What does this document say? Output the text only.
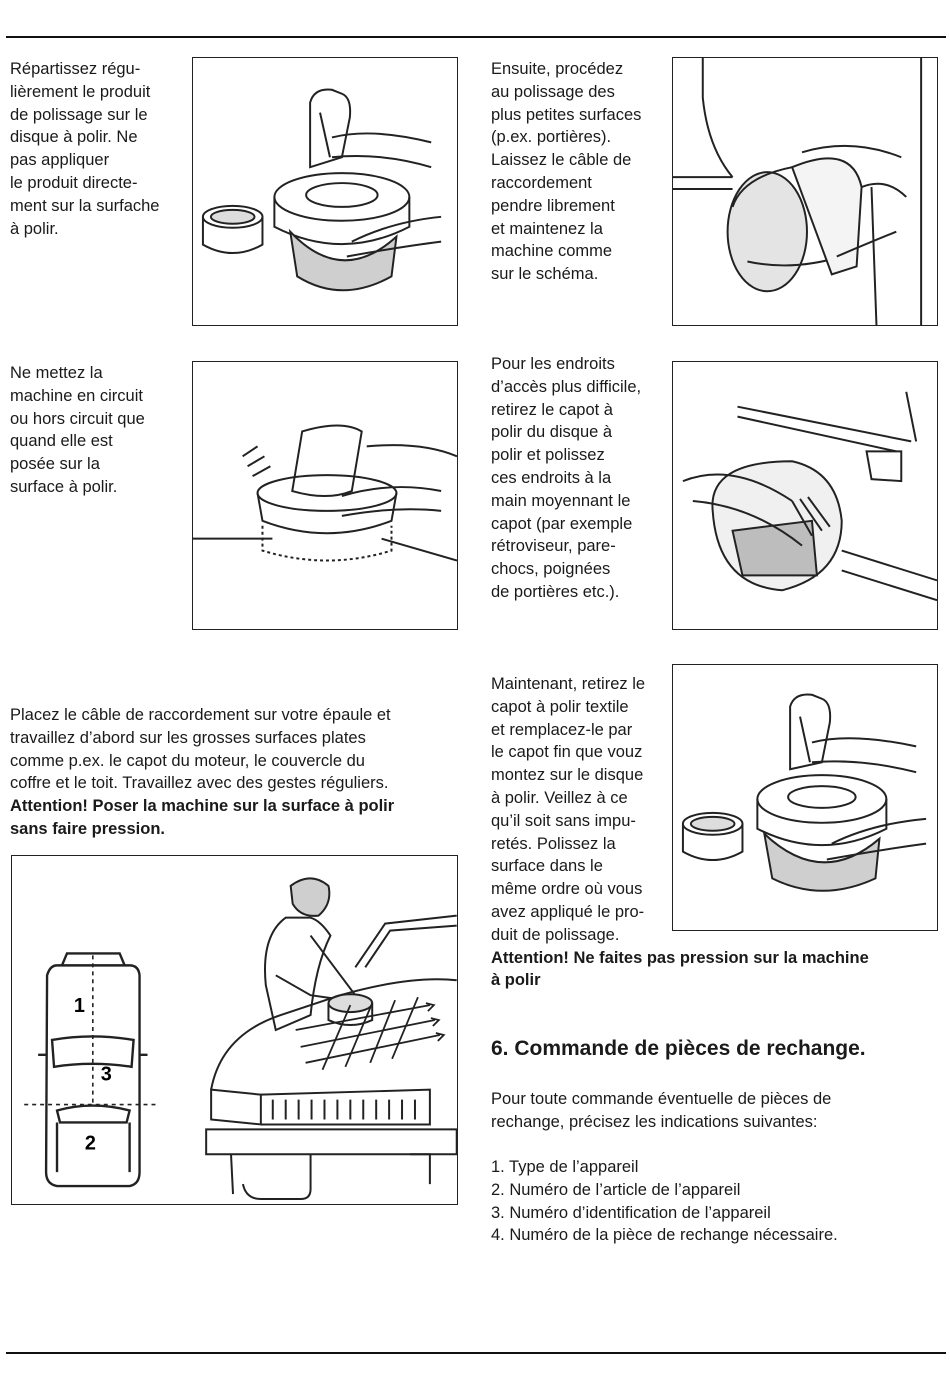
Répartissez régu-
lièrement le produit
de polissage sur le
disque à polir. Ne
pas appliquer
le produit directe-
ment sur la surfache
à polir.

Ensuite, procédez
au polissage des
plus petites surfaces
(p.ex. portières).
Laissez le câble de
raccordement
pendre librement
et maintenez la
machine comme
sur le schéma.

Ne mettez la
machine en circuit
ou hors circuit que
quand elle est
posée sur la
surface à polir.

Pour les endroits
d’accès plus difficile,
retirez le capot à
polir du disque à
polir et polissez
ces endroits à la
main moyennant le
capot (par exemple
rétroviseur, pare-
chocs, poignées
de portières etc.).

Placez le câble de raccordement sur votre épaule et
travaillez d’abord sur les grosses surfaces plates
comme p.ex. le capot du moteur, le couvercle du
coffre et le toit. Travaillez avec des gestes réguliers.
Attention! Poser la machine sur la surface à polir
sans faire pression.

1
3
2

Maintenant, retirez le
capot à polir textile
et remplacez-le par
le capot fin que vouz
montez sur le disque
à polir. Veillez à ce
qu’il soit sans impu-
retés. Polissez la
surface dans le
même ordre où vous
avez appliqué le pro-
duit de polissage.
Attention! Ne faites pas pression sur la machine
à polir

6. Commande de pièces de rechange.

Pour toute commande éventuelle de pièces de
rechange, précisez les indications suivantes:

1. Type de l’appareil
2. Numéro de l’article de l’appareil
3. Numéro d’identification de l’appareil
4. Numéro de la pièce de rechange nécessaire.
